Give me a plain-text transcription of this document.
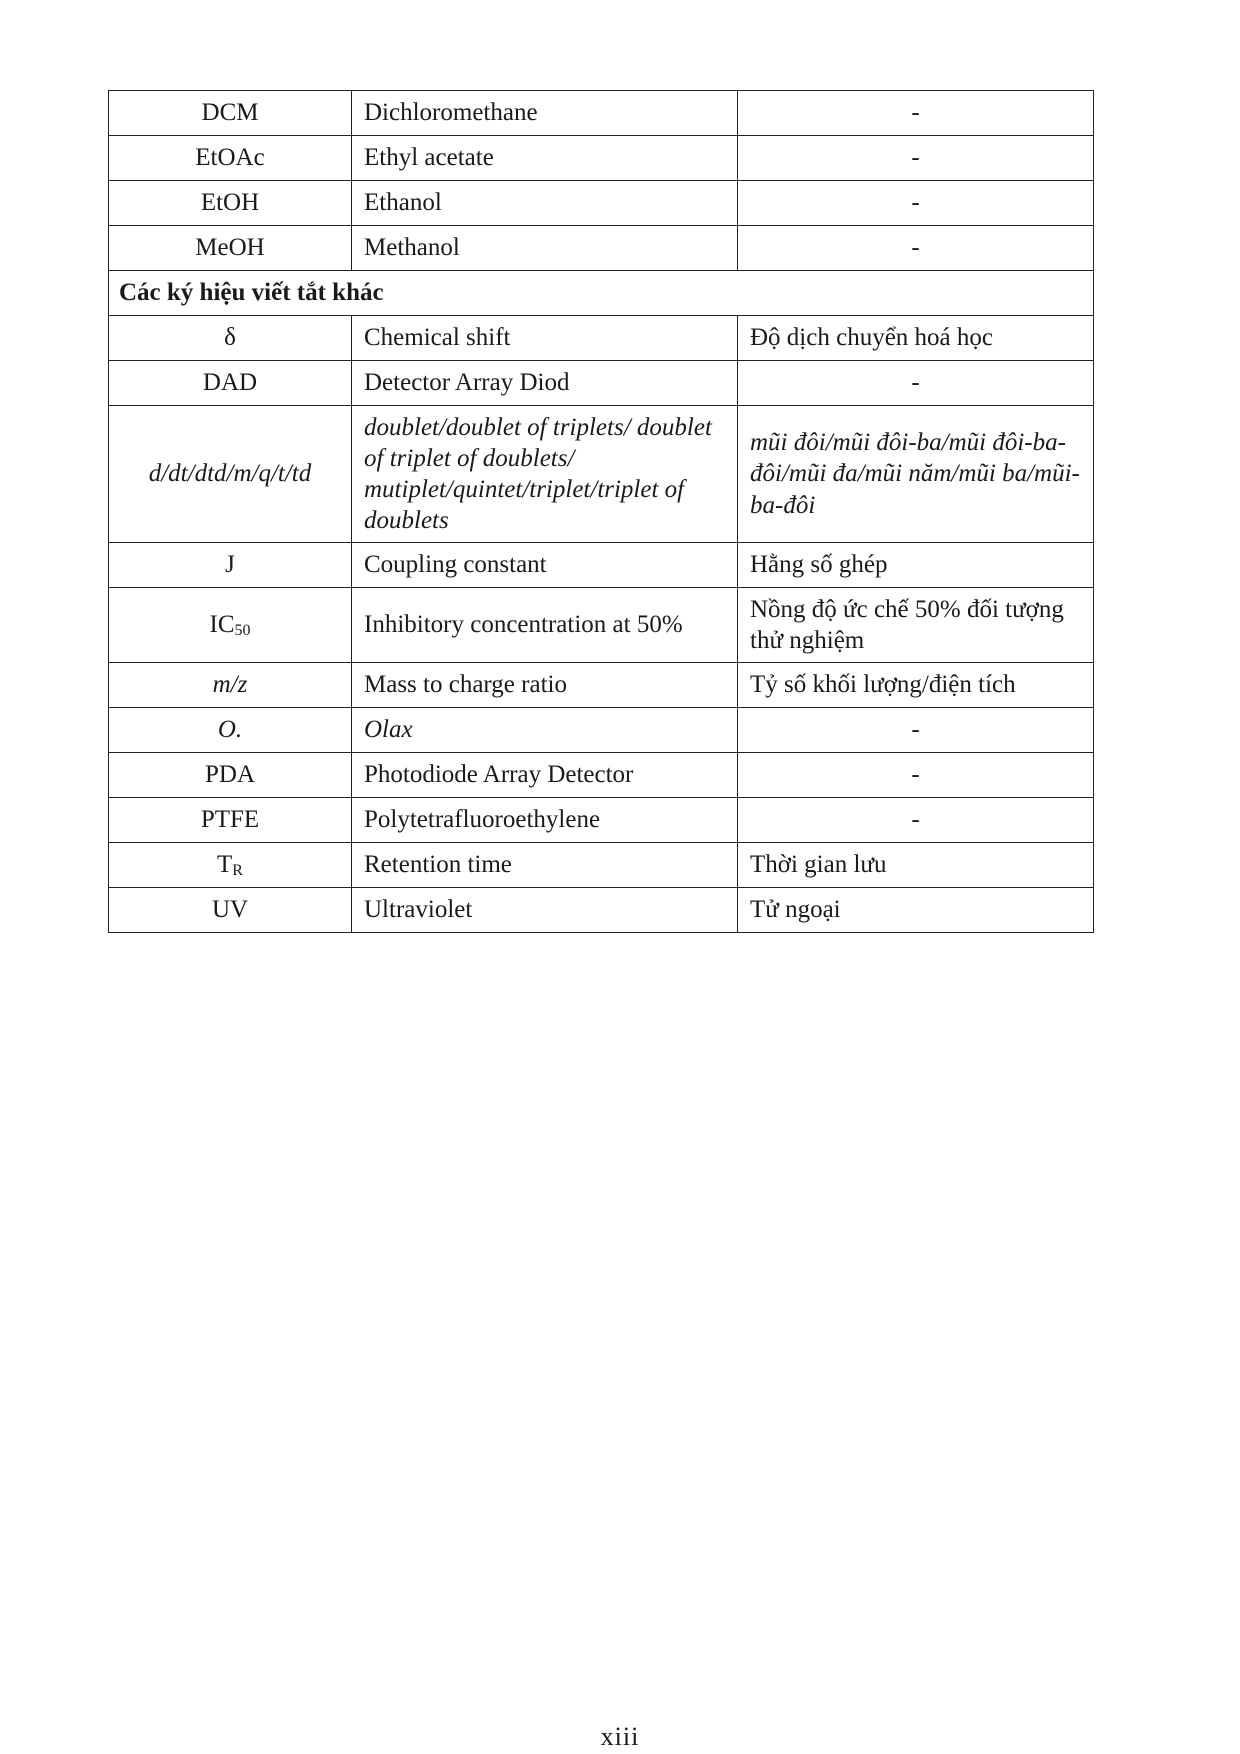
DCM	Dichloromethane	-
EtOAc	Ethyl acetate	-
EtOH	Ethanol	-
MeOH	Methanol	-
Các ký hiệu viết tắt khác		
δ	Chemical shift	Độ dịch chuyển hoá học
DAD	Detector Array Diod	-
d/dt/dtd/m/q/t/td	doublet/doublet of triplets/ doublet of triplet of doublets/ mutiplet/quintet/triplet/triplet of doublets	mũi đôi/mũi đôi-ba/mũi đôi-ba-đôi/mũi đa/mũi năm/mũi ba/mũi-ba-đôi
J	Coupling constant	Hằng số ghép
$IC_{50}$	Inhibitory concentration at 50%	Nồng độ ức chế 50% đối tượng thử nghiệm
m/z	Mass to charge ratio	Tỷ số khối lượng/điện tích
O.	Olax	-
PDA	Photodiode Array Detector	-
PTFE	Polytetrafluoroethylene	-
$T_R$	Retention time	Thời gian lưu
UV	Ultraviolet	Tử ngoại
xiii
